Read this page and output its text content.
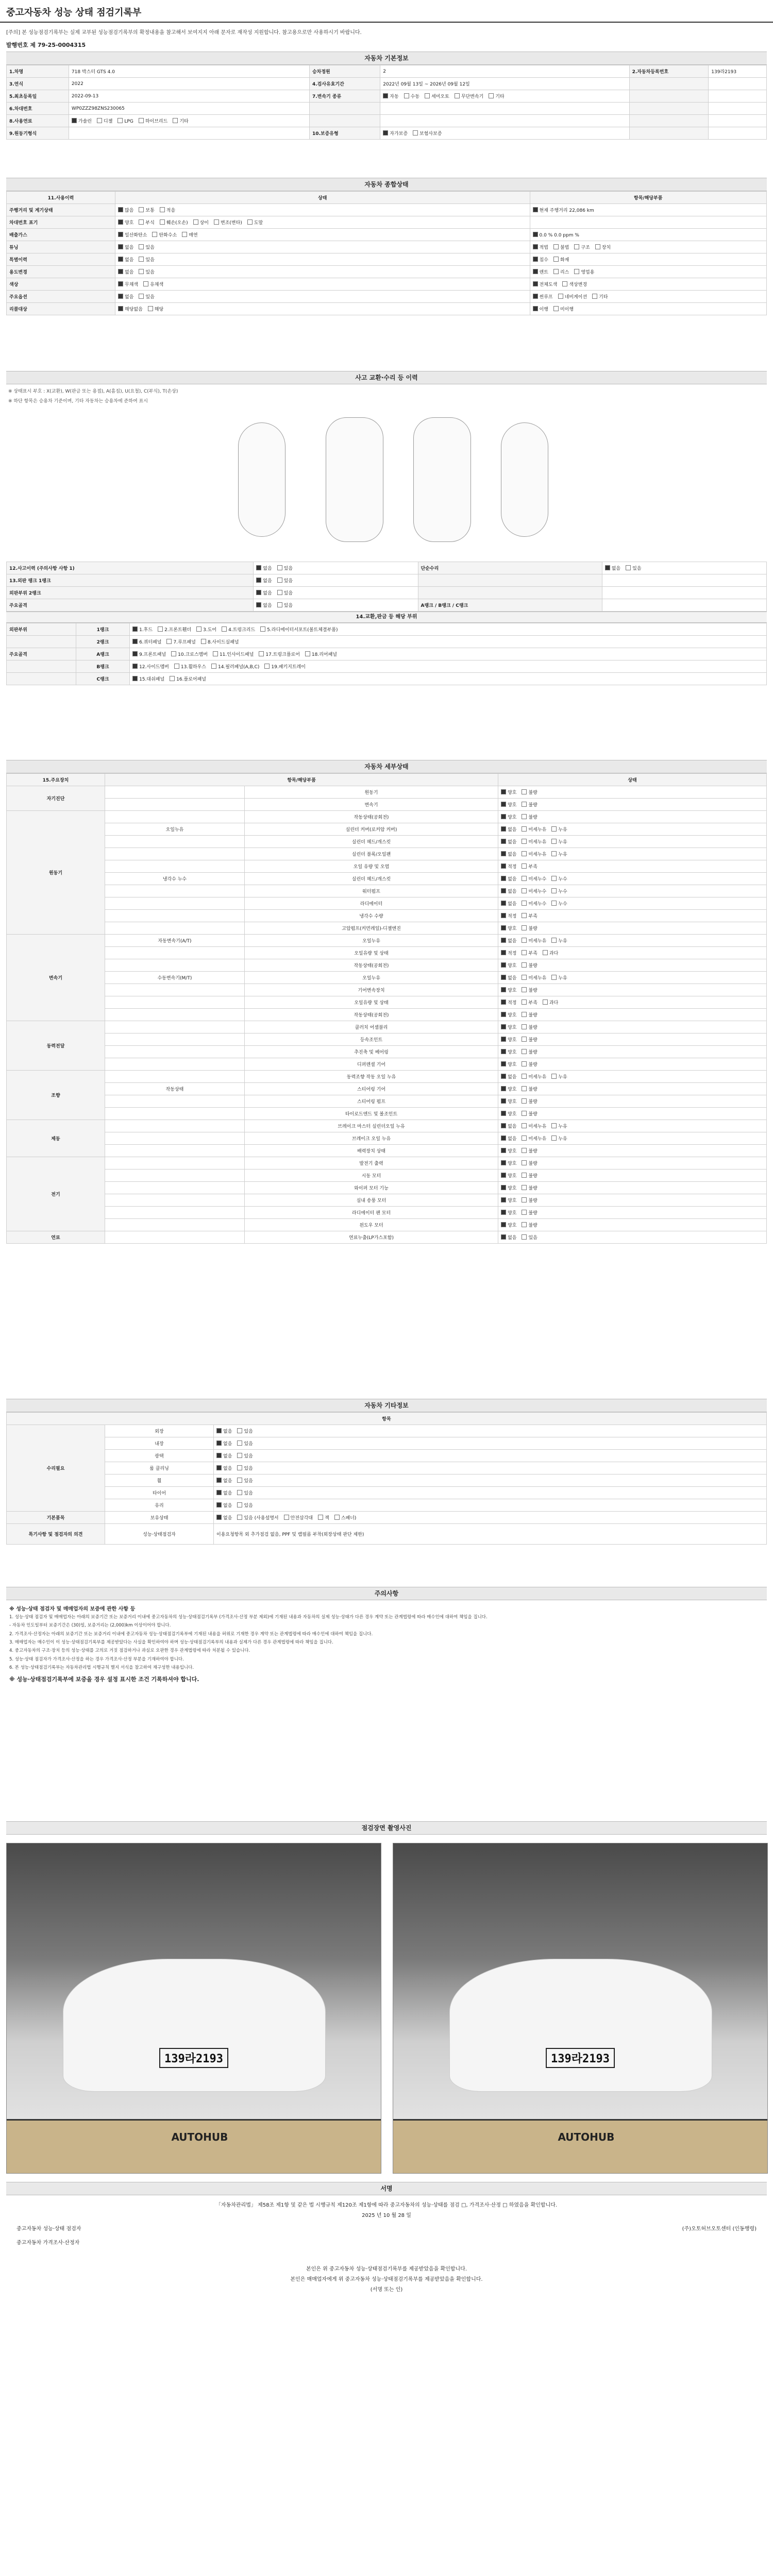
중고자동차 성능 상태 점검기록부
[주의] 본 성능점검기록부는 실제 교부된 성능점검기록부의 확정내용을 참고해서 보여지지 아래 문자로 재작성 지원합니다. 참고용으로만 사용하시기 바랍니다.
발행번호 제 79-25-0004315
자동차 기본정보
1.차명	718 박스터 GTS 4.0	승차정원	2	2.자동차등록번호	139라2193
3.연식	2022	4.검사유효기간	2022년 09월 13일 ~ 2026년 09월 12일		
5.최초등록일	2022-09-13	7.변속기 종류	자동 수동 세미오토 무단변속기 기타		
6.차대번호	WP0ZZZ98ZNS230065				
8.사용연료	가솔린 디젤 LPG 하이브리드 기타				
9.원동기형식		10.보증유형	자가보증 보험사보증		
자동차 종합상태
11.사용이력	상태	항목/해당부품
주행거리 및 계기상태	많음 보통 적음	현재 주행거리 22,086 km
차대번호 표기	양호 부식 훼손(오손) 상이 변조(변타) 도말	
배출가스	일산화탄소 탄화수소 매연	0.0 % 0.0 ppm %
튜닝	없음 있음	적법 불법 구조 장치
특별이력	없음 있음	침수 화재
용도변경	없음 있음	렌트 리스 영업용
색상	무채색 유채색	전체도색 색상변경
주요옵션	없음 있음	썬루프 네비게이션 기타
리콜대상	해당없음 해당	이행 미이행
사고 교환·수리 등 이력
※ 상태표시 부호 : X(교환), W(판금 또는 용접), A(흠집), U(요철), C(부식), T(손상)
※ 하단 항목은 승용차 기준이며, 기타 자동차는 승용차에 준하여 표시
12.사고이력 (주의사항 사항 1)	없음 있음	단순수리	없음 있음
13.외판 랭크 1랭크	없음 있음		
외판부위 2랭크	없음 있음		
주요골격	없음 있음	A랭크 / B랭크 / C랭크	
14.교환,판금 등 해당 부위
외판부위	1랭크	1.후드 2.프론트휀더 3.도어 4.트렁크리드 5.라디에이터서포트(볼트체결부품)
	2랭크	6.쿼터패널 7.루프패널 8.사이드실패널
주요골격	A랭크	9.프론트패널 10.크로스멤버 11.인사이드패널 17.트렁크플로어 18.리어패널
	B랭크	12.사이드멤버 13.휠하우스 14.필러패널(A,B,C) 19.패키지트레이
	C랭크	15.대쉬패널 16.플로어패널
자동차 세부상태
15.주요장치	항목/해당부품		상태
자기진단		원동기	양호 불량
		변속기	양호 불량
원동기		작동상태(공회전)	양호 불량
	오일누유	실린더 커버(로커암 커버)	없음 미세누유 누유
		실린더 헤드/개스킷	없음 미세누유 누유
		실린더 블록/오일팬	없음 미세누유 누유
		오일 유량 및 오염	적정 부족
	냉각수 누수	실린더 헤드/개스킷	없음 미세누수 누수
		워터펌프	없음 미세누수 누수
		라디에이터	없음 미세누수 누수
		냉각수 수량	적정 부족
		고압펌프(커먼레일)-디젤엔진	양호 불량
변속기	자동변속기(A/T)	오일누유	없음 미세누유 누유
		오일유량 및 상태	적정 부족 과다
		작동상태(공회전)	양호 불량
	수동변속기(M/T)	오일누유	없음 미세누유 누유
		기어변속장치	양호 불량
		오일유량 및 상태	적정 부족 과다
		작동상태(공회전)	양호 불량
동력전달		클러치 어셈블리	양호 불량
		등속조인트	양호 불량
		추진축 및 베어링	양호 불량
		디퍼렌셜 기어	양호 불량
조향		동력조향 작동 오일 누유	없음 미세누유 누유
	작동상태	스티어링 기어	양호 불량
		스티어링 펌프	양호 불량
		타이로드엔드 및 볼조인트	양호 불량
제동		브레이크 마스터 실린더오일 누유	없음 미세누유 누유
		브레이크 오일 누유	없음 미세누유 누유
		배력장치 상태	양호 불량
전기		발전기 출력	양호 불량
		시동 모터	양호 불량
		와이퍼 모터 기능	양호 불량
		실내 송풍 모터	양호 불량
		라디에이터 팬 모터	양호 불량
		윈도우 모터	양호 불량
연료		연료누출(LP가스포함)	없음 있음
자동차 기타정보
항목		
수리필요	외장	없음 있음
	내장	없음 있음
	광택	없음 있음
	룸 클리닝	없음 있음
	휠	없음 있음
	타이어	없음 있음
	유리	없음 있음
기본품목	보유상태	없음 있음 (사용설명서 안전삼각대 잭 스패너)
특기사항 및 점검자의 의견	성능·상태점검자	이용요청항목 외 추가점검 없음, PPF 및 랩필름 부착(외장상태 판단 제한)
주의사항
※ 성능·상태 점검자 및 매매업자의 보증에 관한 사항 등
1. 성능·상태 점검자 및 매매업자는 아래의 보증기간 또는 보증거리 이내에 중고자동차의 성능·상태점검기록부 (가격조사·산정 부분 제외)에 기재된 내용과 자동차의 실제 성능·상태가 다른 경우 계약 또는 관계법령에 따라 매수인에 대하여 책임을 집니다.
- 자동차 인도일부터 보증기간은 (30)일, 보증거리는 (2,000)km 이상이어야 합니다.
2. 가격조사·산정자는 아래의 보증기간 또는 보증거리 이내에 중고자동차 성능·상태점검기록부에 기재된 내용을 허위로 기재한 경우 계약 또는 관계법령에 따라 매수인에 대하여 책임을 집니다.
3. 매매업자는 매수인이 이 성능·상태점검기록부를 제공받았다는 사실을 확인하여야 하며 성능·상태점검기록부의 내용과 실제가 다른 경우 관계법령에 따라 책임을 집니다.
4. 중고자동차의 구조·장치 등의 성능·상태를 고의로 거짓 점검하거나 과실로 오판한 경우 관계법령에 따라 처분될 수 있습니다.
5. 성능·상태 점검자가 가격조사·산정을 하는 경우 가격조사·산정 부분을 기재하여야 합니다.
6. 본 성능·상태점검기록부는 자동차관리법 시행규칙 별지 서식을 참고하여 재구성한 내용입니다.
※ 성능·상태점검기록부에 보증을 경우 설정 표시한 조건 기록하셔야 합니다.
점검장면 촬영사진
139라2193
AUTOHUB
139라2193
AUTOHUB
서명
「자동차관리법」 제58조 제1항 및 같은 법 시행규칙 제120조 제1항에 따라 중고자동차의 성능·상태를 점검 □, 가격조사·산정 □ 하였음을 확인합니다.
2025 년 10 월 28 일
중고자동차 성능·상태 점검자	(주)오토허브오토센터 (인동행령)
중고자동차 가격조사·산정자
본인은 위 중고자동차 성능·상태점검기록부를 제공받았음을 확인합니다.
본인은 매매업자에게 위 중고자동차 성능·상태점검기록부를 제공받았음을 확인합니다.
(서명 또는 인)
